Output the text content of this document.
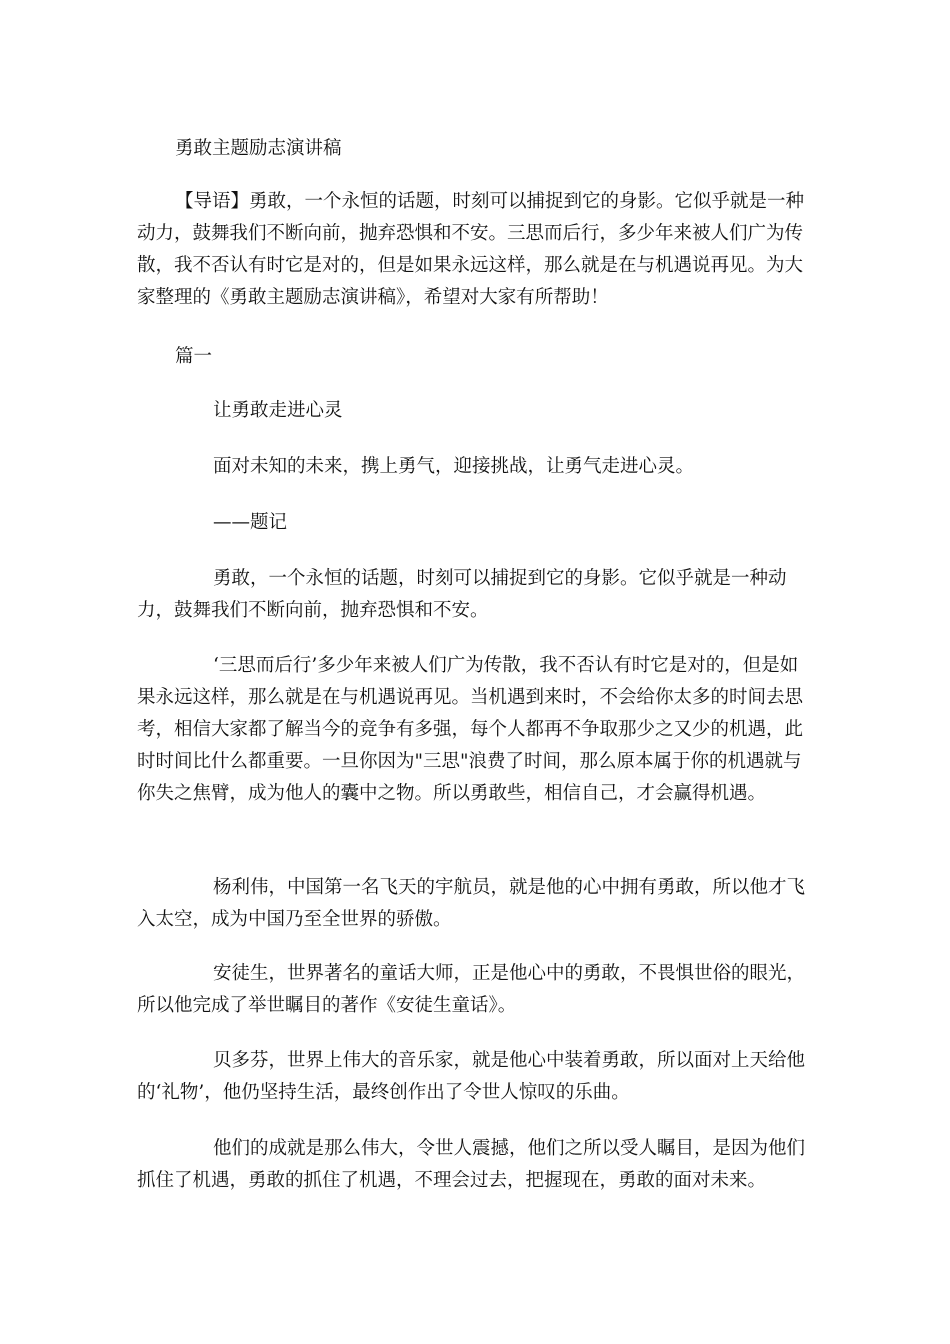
勇敢主题励志演讲稿

【导语】勇敢，一个永恒的话题，时刻可以捕捉到它的身影。它似乎就是一种动力，鼓舞我们不断向前，抛弃恐惧和不安。三思而后行，多少年来被人们广为传散，我不否认有时它是对的，但是如果永远这样，那么就是在与机遇说再见。为大家整理的《勇敢主题励志演讲稿》，希望对大家有所帮助！

篇一

让勇敢走进心灵

面对未知的未来，携上勇气，迎接挑战，让勇气走进心灵。

——题记

勇敢，一个永恒的话题，时刻可以捕捉到它的身影。它似乎就是一种动力，鼓舞我们不断向前，抛弃恐惧和不安。

‘三思而后行’多少年来被人们广为传散，我不否认有时它是对的，但是如果永远这样，那么就是在与机遇说再见。当机遇到来时，不会给你太多的时间去思考，相信大家都了解当今的竞争有多强，每个人都再不争取那少之又少的机遇，此时时间比什么都重要。一旦你因为"三思"浪费了时间，那么原本属于你的机遇就与你失之焦臂，成为他人的囊中之物。所以勇敢些，相信自己，才会赢得机遇。

杨利伟，中国第一名飞天的宇航员，就是他的心中拥有勇敢，所以他才飞入太空，成为中国乃至全世界的骄傲。

安徒生，世界著名的童话大师，正是他心中的勇敢，不畏惧世俗的眼光，所以他完成了举世瞩目的著作《安徒生童话》。

贝多芬，世界上伟大的音乐家，就是他心中装着勇敢，所以面对上天给他的‘礼物’，他仍坚持生活，最终创作出了令世人惊叹的乐曲。

他们的成就是那么伟大，令世人震撼，他们之所以受人瞩目，是因为他们抓住了机遇，勇敢的抓住了机遇，不理会过去，把握现在，勇敢的面对未来。
